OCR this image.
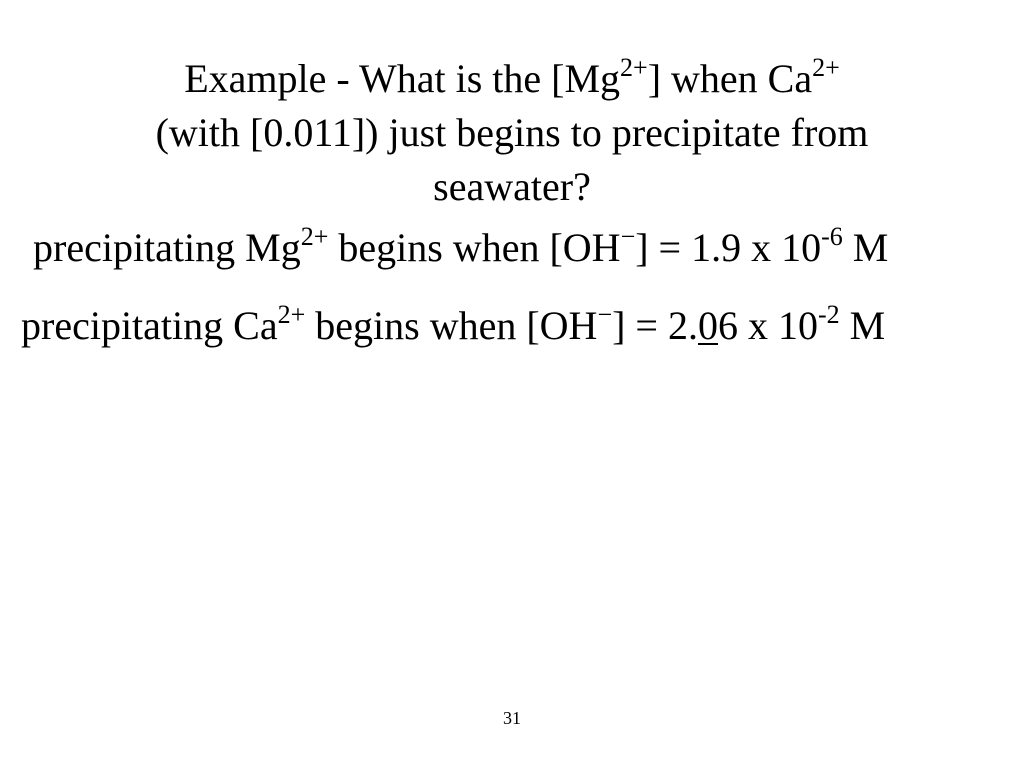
Example - What is the $[Mg^{2+}]$ when $Ca^{2+}$
(with [0.011]) just begins to precipitate from
seawater?
precipitating $Mg^{2+}$ begins when [OH−] = 1.9 x $10^{-6}$ M
precipitating $Ca^{2+}$ begins when [OH−] = 2.06 x $10^{-2}$ M
31
